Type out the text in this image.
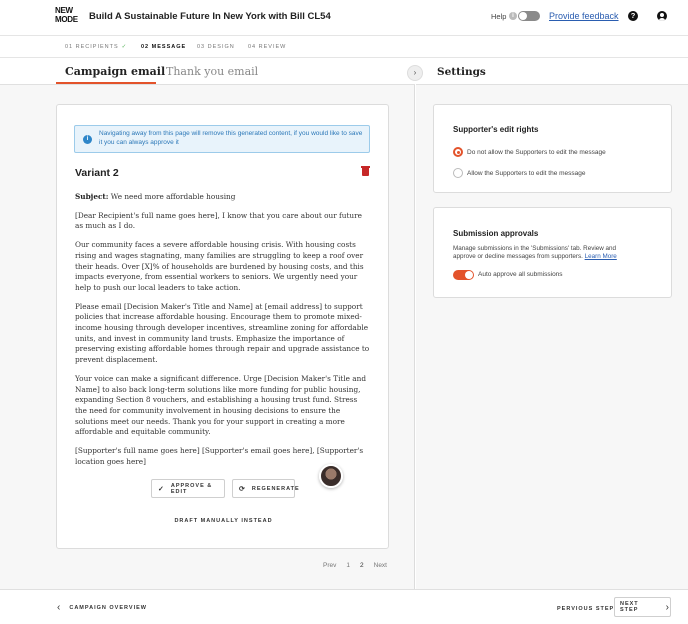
NEW
MODE Build A Sustainable Future In New York with Bill CL54	Help i	Provide feedback	?
01 RECIPIENTS ✓ 02 MESSAGE 03 DESIGN 04 REVIEW
Campaign email Thank you email
i
Navigating away from this page will remove this generated content, if you would like to save it you can always approve it
Variant 2

Subject: We need more affordable housing

[Dear Recipient's full name goes here], I know that you care about our future as much as I do.

Our community faces a severe affordable housing crisis. With housing costs rising and wages stagnating, many families are struggling to keep a roof over their heads. Over [X]% of households are burdened by housing costs, and this impacts everyone, from essential workers to seniors. We urgently need your help to push our local leaders to take action.

Please email [Decision Maker's Title and Name] at [email address] to support policies that increase affordable housing. Encourage them to promote mixed-income housing through developer incentives, streamline zoning for affordable units, and invest in community land trusts. Emphasize the importance of preserving existing affordable homes through repair and upgrade assistance to prevent displacement.

Your voice can make a significant difference. Urge [Decision Maker's Title and Name] to also back long-term solutions like more funding for public housing, expanding Section 8 vouchers, and establishing a housing trust fund. Stress the need for community involvement in housing decisions to ensure the solutions meet our needs. Thank you for your support in creating a more affordable and equitable community.

[Supporter's full name goes here] [Supporter's email goes here], [Supporter's location goes here]

✓ APPROVE & EDIT	⟳ REGENERATE
DRAFT MANUALLY INSTEAD
Prev 1 2 Next
›	Settings
Supporter's edit rights
Do not allow the Supporters to edit the message
Allow the Supporters to edit the message
Submission approvals
Manage submissions in the 'Submissions' tab. Review and approve or decline messages from supporters. Learn More
Auto approve all submissions
‹ CAMPAIGN OVERVIEW	PERVIOUS STEP
NEXT STEP	›
